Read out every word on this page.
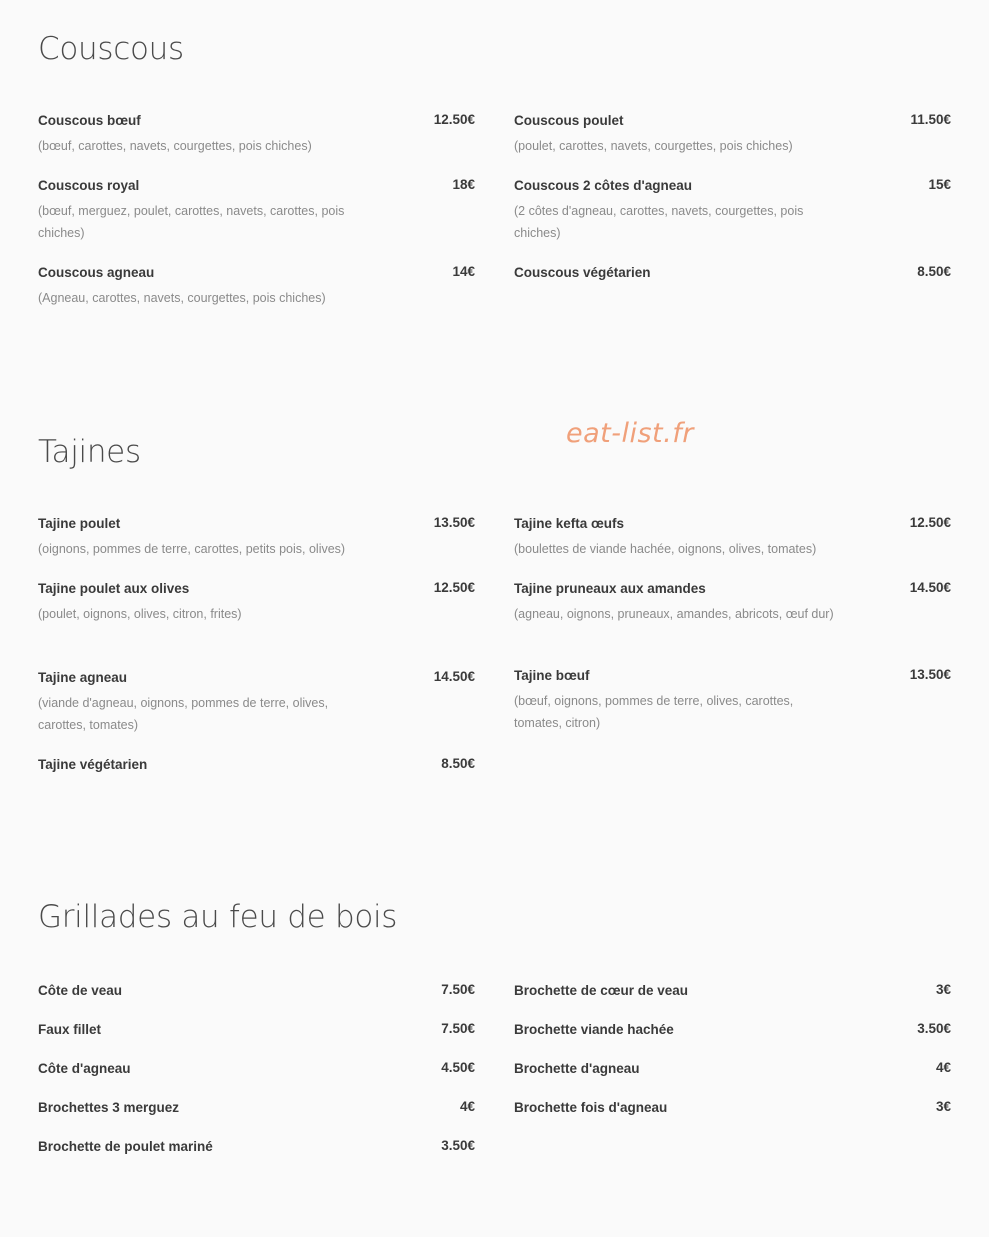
eat-list.fr
Couscous
Couscous bœuf	12.50€
(bœuf, carottes, navets, courgettes, pois chiches)
Couscous royal	18€
(bœuf, merguez, poulet, carottes, navets, carottes, pois chiches)
Couscous agneau	14€
(Agneau, carottes, navets, courgettes, pois chiches)
Couscous poulet	11.50€
(poulet, carottes, navets, courgettes, pois chiches)
Couscous 2 côtes d'agneau	15€
(2 côtes d'agneau, carottes, navets, courgettes, pois chiches)
Couscous végétarien	8.50€
Tajines
Tajine poulet	13.50€
(oignons, pommes de terre, carottes, petits pois, olives)
Tajine poulet aux olives	12.50€
(poulet, oignons, olives, citron, frites)
Tajine agneau	14.50€
(viande d'agneau, oignons, pommes de terre, olives, carottes, tomates)
Tajine végétarien	8.50€
Tajine kefta œufs	12.50€
(boulettes de viande hachée, oignons, olives, tomates)
Tajine pruneaux aux amandes	14.50€
(agneau, oignons, pruneaux, amandes, abricots, œuf dur)
Tajine bœuf	13.50€
(bœuf, oignons, pommes de terre, olives, carottes, tomates, citron)
Grillades au feu de bois
Côte de veau	7.50€
Faux fillet	7.50€
Côte d'agneau	4.50€
Brochettes 3 merguez	4€
Brochette de poulet mariné	3.50€
Brochette de cœur de veau	3€
Brochette viande hachée	3.50€
Brochette d'agneau	4€
Brochette fois d'agneau	3€
